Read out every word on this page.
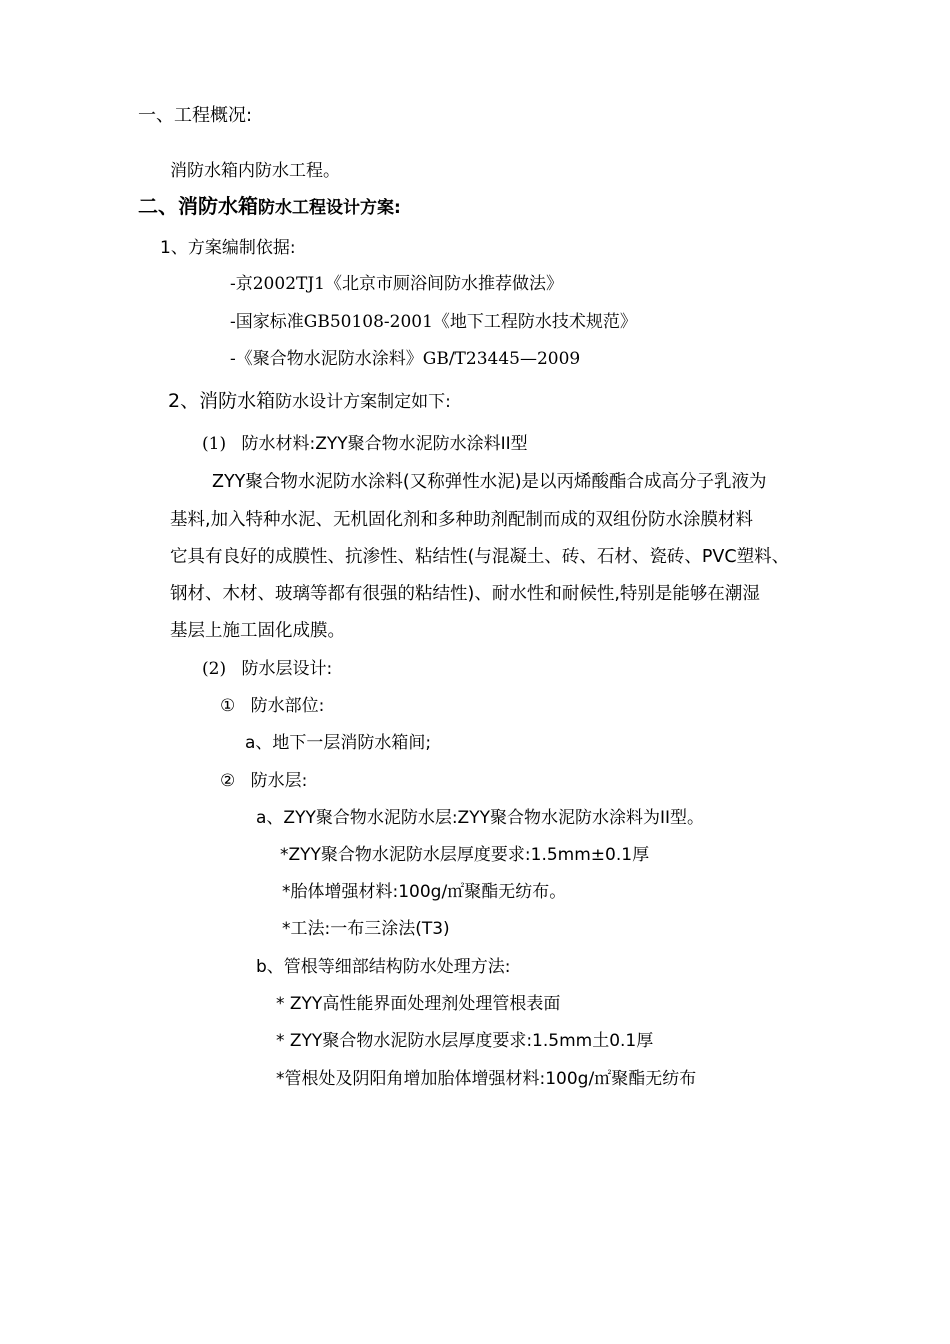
一、工程概况:
消防水箱内防水工程。
二、消防水箱防水工程设计方案:
1、方案编制依据:
-京2002TJ1《北京市厕浴间防水推荐做法》
-国家标准GB50108-2001《地下工程防水技术规范》
-《聚合物水泥防水涂料》GB/T23445—2009
2、消防水箱防水设计方案制定如下:
(1) 防水材料:ZYY聚合物水泥防水涂料II型
ZYY聚合物水泥防水涂料(又称弹性水泥)是以丙烯酸酯合成高分子乳液为
基料,加入特种水泥、无机固化剂和多种助剂配制而成的双组份防水涂膜材料
它具有良好的成膜性、抗渗性、粘结性(与混凝土、砖、石材、瓷砖、PVC塑料、
钢材、木材、玻璃等都有很强的粘结性)、耐水性和耐候性,特别是能够在潮湿
基层上施工固化成膜。
(2) 防水层设计:
① 防水部位:
a、地下一层消防水箱间;
② 防水层:
a、ZYY聚合物水泥防水层:ZYY聚合物水泥防水涂料为II型。
*ZYY聚合物水泥防水层厚度要求:1.5mm±0.1厚
*胎体增强材料:100g/㎡聚酯无纺布。
*工法:一布三涂法(T3)
b、管根等细部结构防水处理方法:
* ZYY高性能界面处理剂处理管根表面
* ZYY聚合物水泥防水层厚度要求:1.5mm土0.1厚
*管根处及阴阳角增加胎体增强材料:100g/㎡聚酯无纺布
